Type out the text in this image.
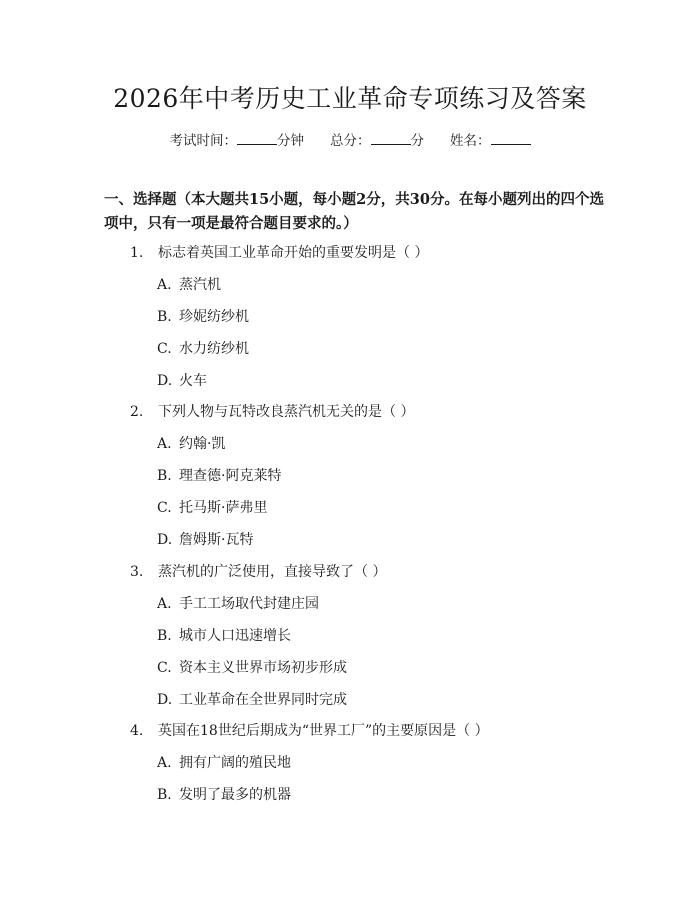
2026年中考历史工业革命专项练习及答案
考试时间：	分钟 总分：	分 姓名：
一、选择题（本大题共15小题，每小题2分，共30分。在每小题列出的四个选项中，只有一项是最符合题目要求的。）
1. 标志着英国工业革命开始的重要发明是（ ）
A. 蒸汽机
B. 珍妮纺纱机
C. 水力纺纱机
D. 火车
2. 下列人物与瓦特改良蒸汽机无关的是（ ）
A. 约翰·凯
B. 理查德·阿克莱特
C. 托马斯·萨弗里
D. 詹姆斯·瓦特
3. 蒸汽机的广泛使用，直接导致了（ ）
A. 手工工场取代封建庄园
B. 城市人口迅速增长
C. 资本主义世界市场初步形成
D. 工业革命在全世界同时完成
4. 英国在18世纪后期成为“世界工厂”的主要原因是（ ）
A. 拥有广阔的殖民地
B. 发明了最多的机器
